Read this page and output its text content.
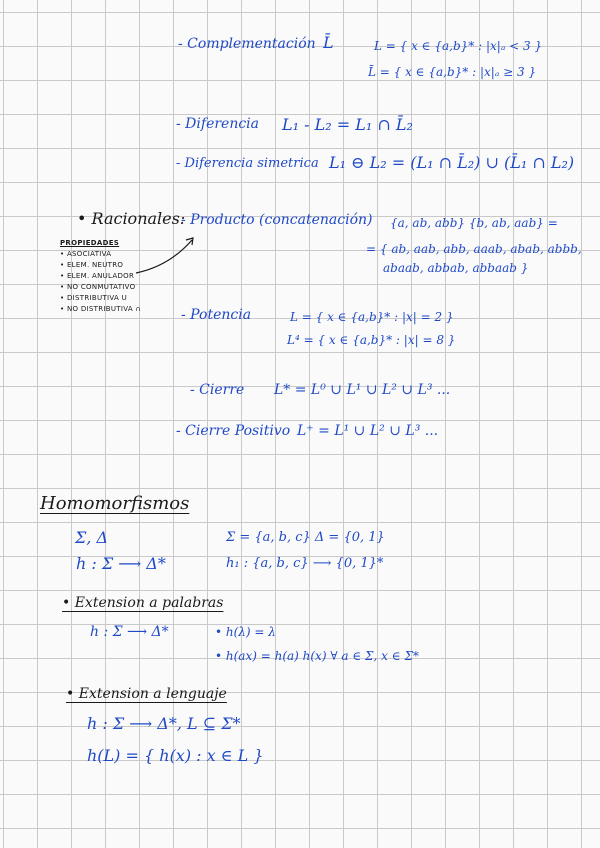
- Complementación L̄	L = { x ∈ {a,b}* : |x|ₐ < 3 }
L̄ = { x ∈ {a,b}* : |x|ₐ ≥ 3 }
- Diferencia L₁ - L₂ = L₁ ∩ L̄₂
- Diferencia simetrica L₁ ⊖ L₂ = (L₁ ∩ L̄₂) ∪ (L̄₁ ∩ L₂)
• Racionales:
- Producto (concatenación) {a, ab, abb} {b, ab, aab} =
= { ab, aab, abb, aaab, abab, abbb,
abaab, abbab, abbaab }
PROPIEDADES
• ASOCIATIVA
• ELEM. NEUTRO
• ELEM. ANULADOR
• NO CONMUTATIVO
• DISTRIBUTIVA U
• NO DISTRIBUTIVA ∩	- Potencia	L = { x ∈ {a,b}* : |x| = 2 }
L⁴ = { x ∈ {a,b}* : |x| = 8 }
- Cierre L* = L⁰ ∪ L¹ ∪ L² ∪ L³ ...
- Cierre Positivo L⁺ = L¹ ∪ L² ∪ L³ ...
Homomorfismos
Σ, Δ
h : Σ ⟶ Δ*
Σ = {a, b, c} Δ = {0, 1}
h₁ : {a, b, c} ⟶ {0, 1}*
• Extension a palabras
h : Σ ⟶ Δ*	• h(λ) = λ
• h(ax) = h(a) h(x) ∀ a ∈ Σ, x ∈ Σ*
• Extension a lenguaje
h : Σ ⟶ Δ*, L ⊆ Σ*
h(L) = { h(x) : x ∈ L }
